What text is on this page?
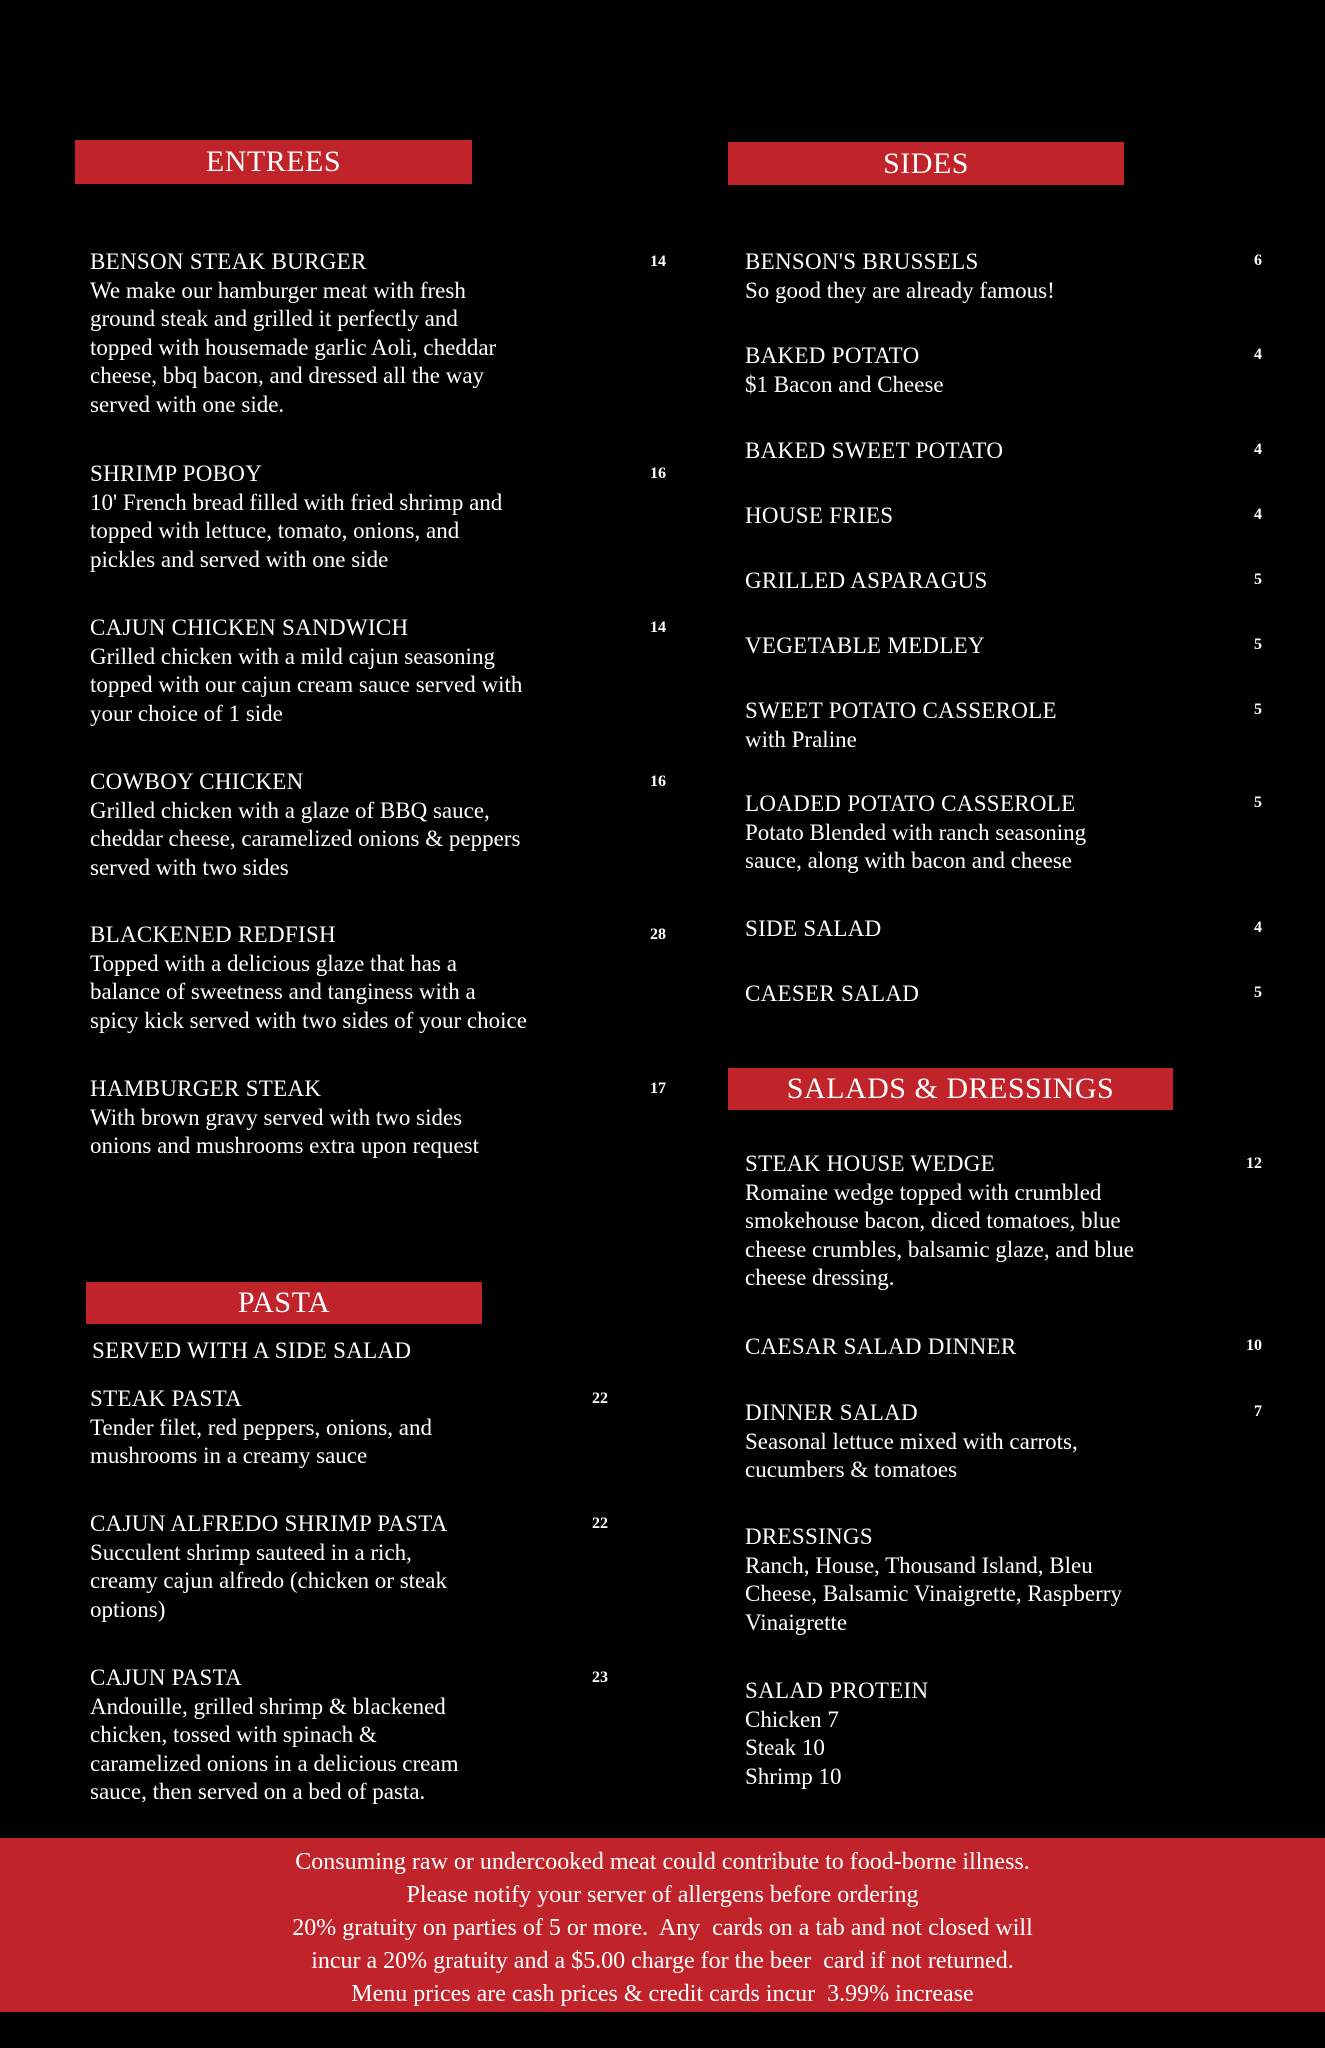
ENTREES	SIDES
PASTA
SALADS & DRESSINGS
SERVED WITH A SIDE SALAD
BENSON STEAK BURGER
We make our hamburger meat with fresh
ground steak and grilled it perfectly and
topped with housemade garlic Aoli, cheddar
cheese, bbq bacon, and dressed all the way
served with one side.
14
SHRIMP POBOY
10' French bread filled with fried shrimp and
topped with lettuce, tomato, onions, and
pickles and served with one side
16
CAJUN CHICKEN SANDWICH
Grilled chicken with a mild cajun seasoning
topped with our cajun cream sauce served with
your choice of 1 side
14
COWBOY CHICKEN
Grilled chicken with a glaze of BBQ sauce,
cheddar cheese, caramelized onions & peppers
served with two sides
16
BLACKENED REDFISH
Topped with a delicious glaze that has a
balance of sweetness and tanginess with a
spicy kick served with two sides of your choice
28
HAMBURGER STEAK
With brown gravy served with two sides
onions and mushrooms extra upon request
17
STEAK PASTA
Tender filet, red peppers, onions, and
mushrooms in a creamy sauce
22
CAJUN ALFREDO SHRIMP PASTA
Succulent shrimp sauteed in a rich,
creamy cajun alfredo (chicken or steak
options)
22
CAJUN PASTA
Andouille, grilled shrimp & blackened
chicken, tossed with spinach &
caramelized onions in a delicious cream
sauce, then served on a bed of pasta.
23
BENSON'S BRUSSELS
So good they are already famous!
6
BAKED POTATO
$1 Bacon and Cheese
4
BAKED SWEET POTATO	4
HOUSE FRIES	4
GRILLED ASPARAGUS	5
VEGETABLE MEDLEY	5
SWEET POTATO CASSEROLE
with Praline
5
LOADED POTATO CASSEROLE
Potato Blended with ranch seasoning
sauce, along with bacon and cheese
5
SIDE SALAD	4
CAESER SALAD	5
STEAK HOUSE WEDGE
Romaine wedge topped with crumbled
smokehouse bacon, diced tomatoes, blue
cheese crumbles, balsamic glaze, and blue
cheese dressing.
12
CAESAR SALAD DINNER	10
DINNER SALAD
Seasonal lettuce mixed with carrots,
cucumbers & tomatoes
7
DRESSINGS
Ranch, House, Thousand Island, Bleu
Cheese, Balsamic Vinaigrette, Raspberry
Vinaigrette
SALAD PROTEIN
Chicken 7
Steak 10
Shrimp 10
Consuming raw or undercooked meat could contribute to food-borne illness.
Please notify your server of allergens before ordering
20% gratuity on parties of 5 or more.  Any  cards on a tab and not closed will
incur a 20% gratuity and a $5.00 charge for the beer  card if not returned.
Menu prices are cash prices & credit cards incur  3.99% increase
